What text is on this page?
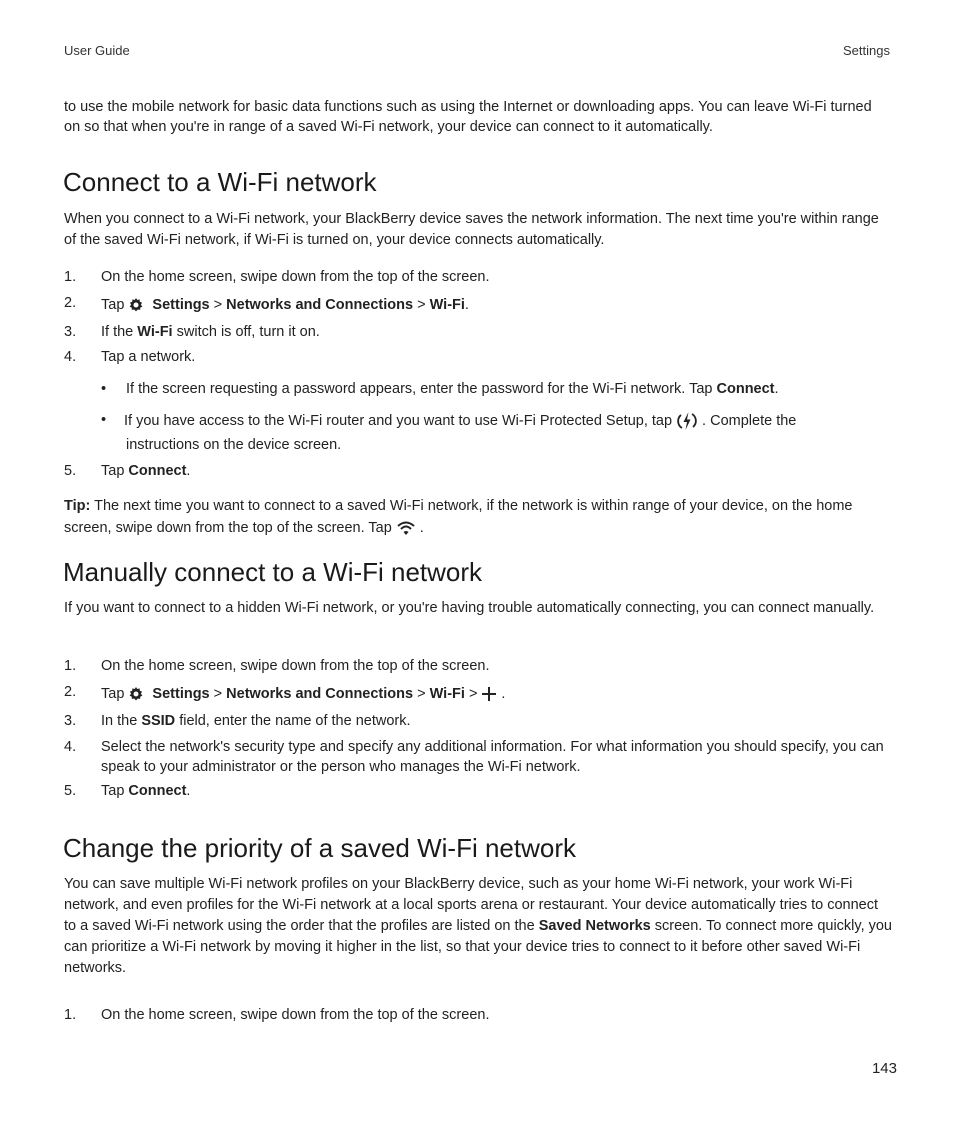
User Guide	Settings

to use the mobile network for basic data functions such as using the Internet or downloading apps. You can leave Wi-Fi turned on so that when you're in range of a saved Wi-Fi network, your device can connect to it automatically.

Connect to a Wi-Fi network

When you connect to a Wi-Fi network, your BlackBerry device saves the network information. The next time you're within range of the saved Wi-Fi network, if Wi-Fi is turned on, your device connects automatically.

1. On the home screen, swipe down from the top of the screen.
2. Tap Settings > Networks and Connections > Wi-Fi.
3. If the Wi-Fi switch is off, turn it on.
4. Tap a network.
• If the screen requesting a password appears, enter the password for the Wi-Fi network. Tap Connect.
• If you have access to the Wi-Fi router and you want to use Wi-Fi Protected Setup, tap . Complete the
instructions on the device screen.
5. Tap Connect.
Tip: The next time you want to connect to a saved Wi-Fi network, if the network is within range of your device, on the home
screen, swipe down from the top of the screen. Tap .
Manually connect to a Wi-Fi network

If you want to connect to a hidden Wi-Fi network, or you're having trouble automatically connecting, you can connect manually.

1. On the home screen, swipe down from the top of the screen.
2. Tap Settings > Networks and Connections > Wi-Fi > .
3. In the SSID field, enter the name of the network.
4. Select the network's security type and specify any additional information. For what information you should specify, you can speak to your administrator or the person who manages the Wi-Fi network.
5. Tap Connect.
Change the priority of a saved Wi-Fi network

You can save multiple Wi-Fi network profiles on your BlackBerry device, such as your home Wi-Fi network, your work Wi-Fi network, and even profiles for the Wi-Fi network at a local sports arena or restaurant. Your device automatically tries to connect to a saved Wi-Fi network using the order that the profiles are listed on the Saved Networks screen. To connect more quickly, you can prioritize a Wi-Fi network by moving it higher in the list, so that your device tries to connect to it before other saved Wi-Fi networks.

1. On the home screen, swipe down from the top of the screen.
143
